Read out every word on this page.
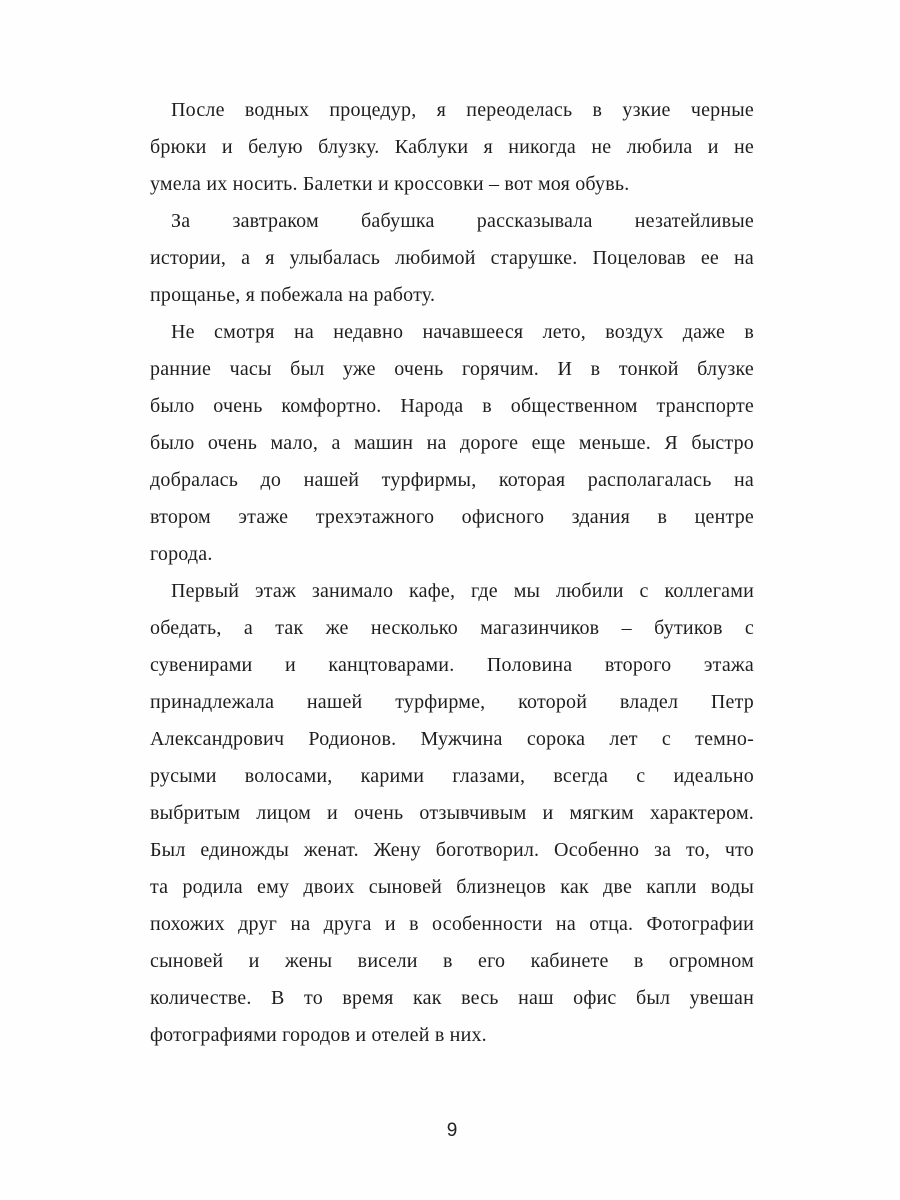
После водных процедур, я переоделась в узкие черные
брюки и белую блузку. Каблуки я никогда не любила и не
умела их носить. Балетки и кроссовки – вот моя обувь.
За завтраком бабушка рассказывала незатейливые
истории, а я улыбалась любимой старушке. Поцеловав ее на
прощанье, я побежала на работу.
Не смотря на недавно начавшееся лето, воздух даже в
ранние часы был уже очень горячим. И в тонкой блузке
было очень комфортно. Народа в общественном транспорте
было очень мало, а машин на дороге еще меньше. Я быстро
добралась до нашей турфирмы, которая располагалась на
втором этаже трехэтажного офисного здания в центре
города.
Первый этаж занимало кафе, где мы любили с коллегами
обедать, а так же несколько магазинчиков – бутиков с
сувенирами и канцтоварами. Половина второго этажа
принадлежала нашей турфирме, которой владел Петр
Александрович Родионов. Мужчина сорока лет с темно-
русыми волосами, карими глазами, всегда с идеально
выбритым лицом и очень отзывчивым и мягким характером.
Был единожды женат. Жену боготворил. Особенно за то, что
та родила ему двоих сыновей близнецов как две капли воды
похожих друг на друга и в особенности на отца. Фотографии
сыновей и жены висели в его кабинете в огромном
количестве. В то время как весь наш офис был увешан
фотографиями городов и отелей в них.
9
